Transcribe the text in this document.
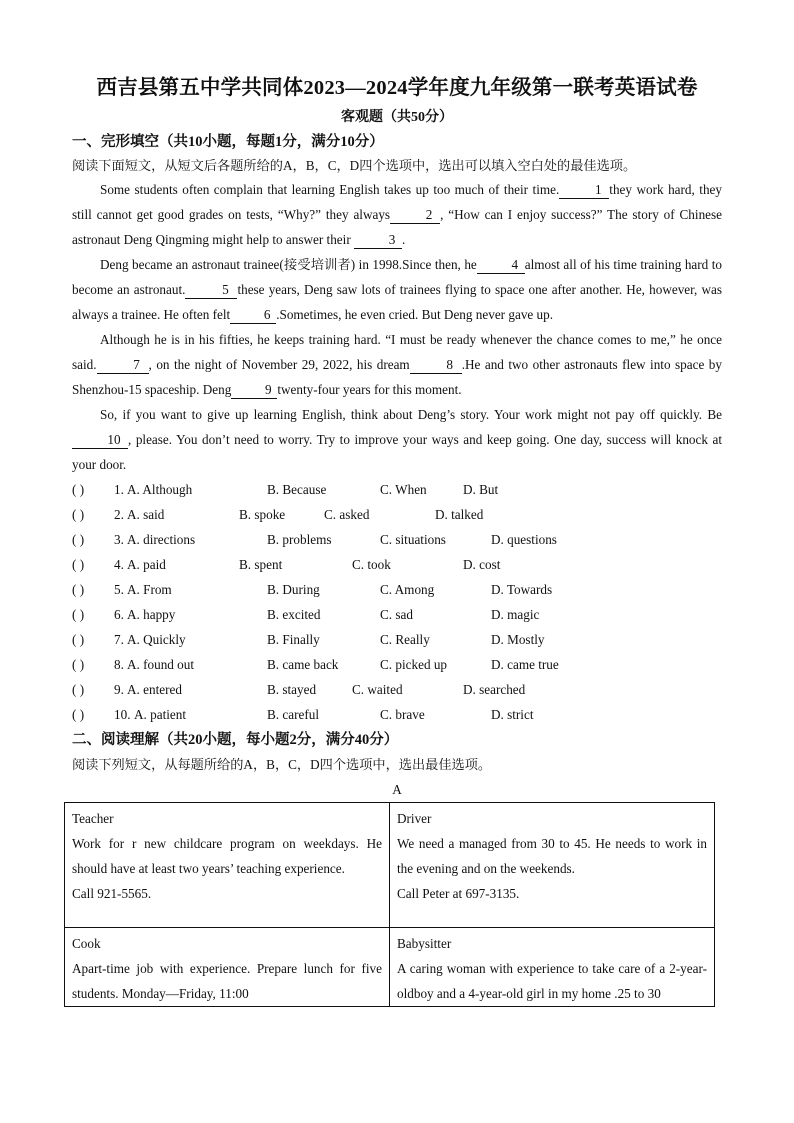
西吉县第五中学共同体2023—2024学年度九年级第一联考英语试卷
客观题（共50分）
一、完形填空（共10小题，每题1分，满分10分）
阅读下面短文，从短文后各题所给的A，B，C，D四个选项中，选出可以填入空白处的最佳选项。

Some students often complain that learning English takes up too much of their time.	1 they work hard, they still cannot get good grades on tests, “Why?” they always	2 , “How can I enjoy success?” The story of Chinese astronaut Deng Qingming might help to answer their	3 .

Deng became an astronaut trainee(接受培训者) in 1998.Since then, he	4 almost all of his time training hard to become an astronaut.	5 these years, Deng saw lots of trainees flying to space one after another. He, however, was always a trainee. He often felt	6 .Sometimes, he even cried. But Deng never gave up.

Although he is in his fifties, he keeps training hard. “I must be ready whenever the chance comes to me,” he once said.	7 , on the night of November 29, 2022, his dream	8 .He and two other astronauts flew into space by Shenzhou-15 spaceship. Deng	9 twenty-four years for this moment.

So, if you want to give up learning English, think about Deng’s story. Your work might not pay off quickly. Be 10 , please. You don’t need to worry. Try to improve your ways and keep going. One day, success will knock at your door.

( ) 1. A. Although	B. Because	C. When	D. But
( ) 2. A. said	B. spoke	C. asked	D. talked
( ) 3. A. directions	B. problems	C. situations	D. questions
( ) 4. A. paid	B. spent	C. took	D. cost
( ) 5. A. From	B. During	C. Among	D. Towards
( ) 6. A. happy	B. excited	C. sad	D. magic
( ) 7. A. Quickly	B. Finally	C. Really	D. Mostly
( ) 8. A. found out	B. came back	C. picked up	D. came true
( ) 9. A. entered	B. stayed	C. waited	D. searched
( ) 10. A. patient	B. careful	C. brave	D. strict
二、阅读理解（共20小题，每小题2分，满分40分）
阅读下列短文，从每题所给的A，B，C，D四个选项中，选出最佳选项。
A
Teacher
Work for r new childcare program on weekdays. He should have at least two years’ teaching experience.
Call 921-5565.	Driver
We need a managed from 30 to 45. He needs to work in the evening and on the weekends.
Call Peter at 697-3135.

Cook
Apart-time job with experience. Prepare lunch for five students. Monday—Friday, 11:00	Babysitter
A caring woman with experience to take care of a 2-year-oldboy and a 4-year-old girl in my home .25 to 30
